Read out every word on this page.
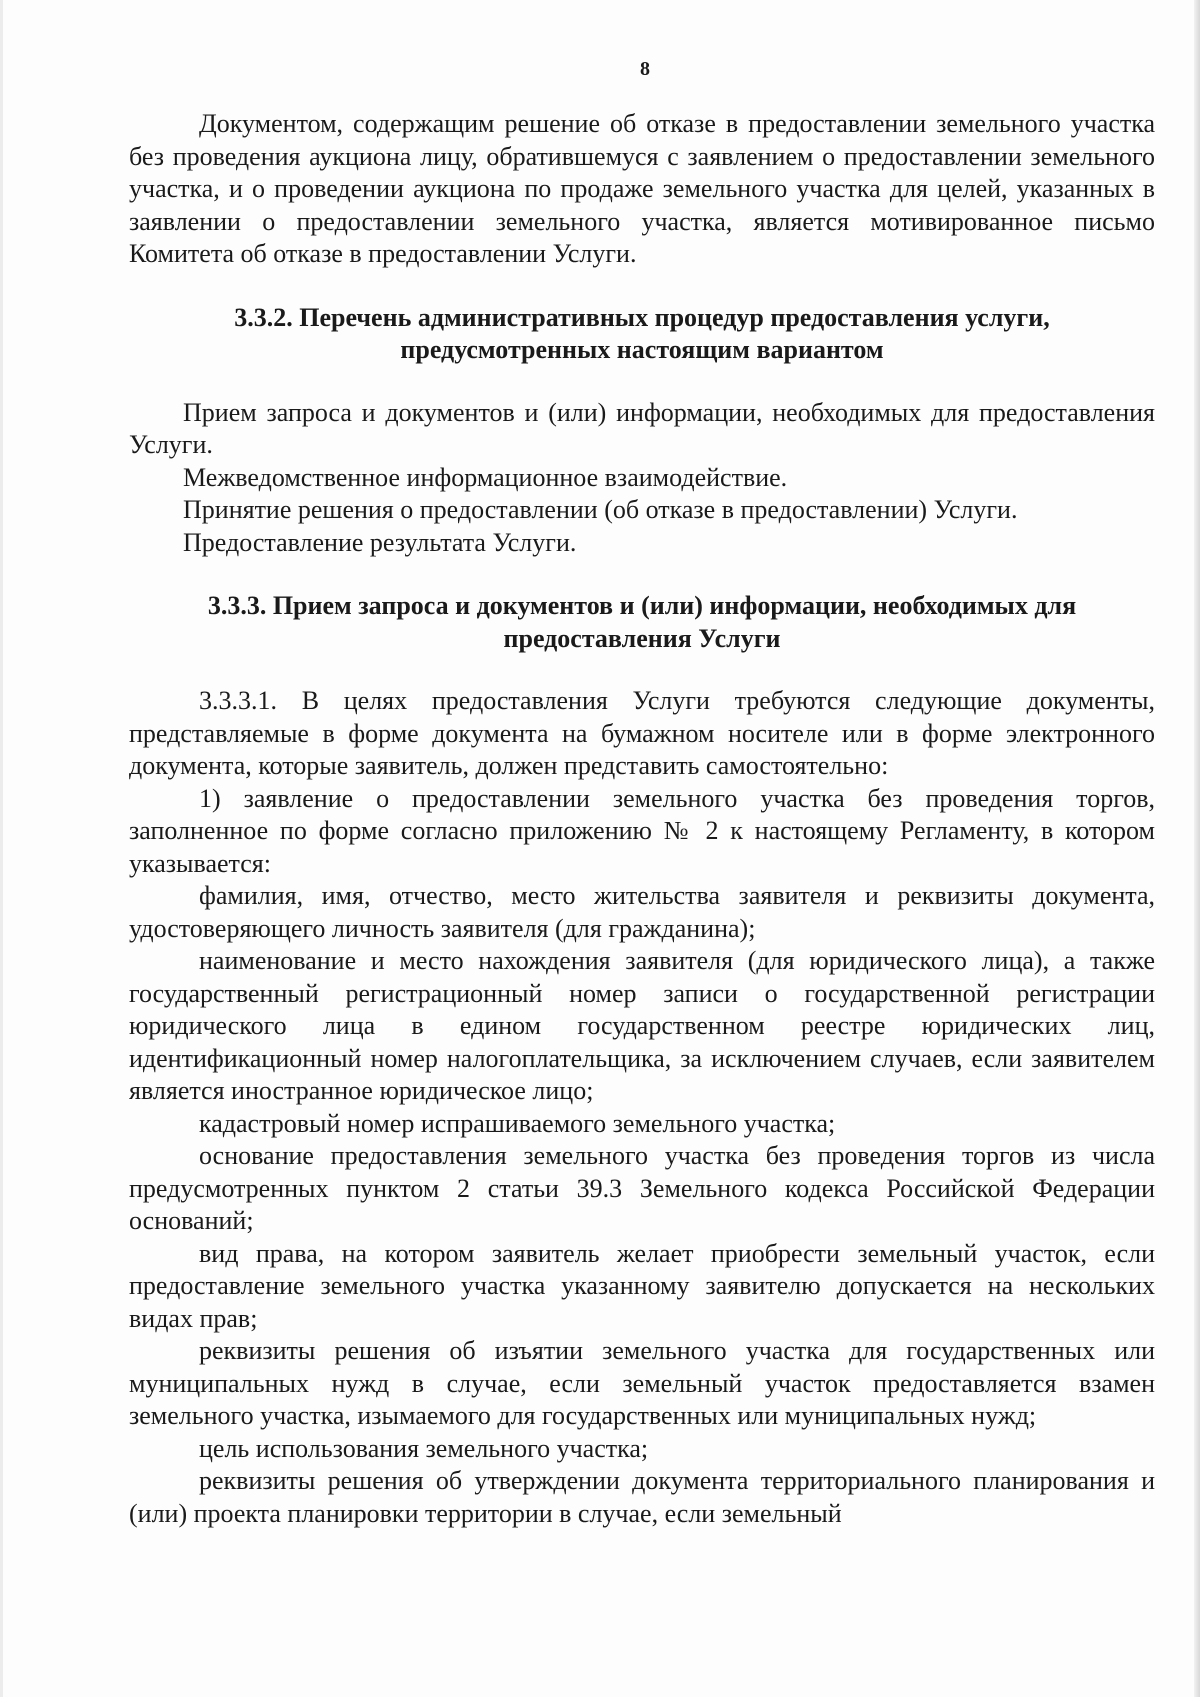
8

Документом, содержащим решение об отказе в предоставлении земельного участка без проведения аукциона лицу, обратившемуся с заявлением о предоставлении земельного участка, и о проведении аукциона по продаже земельного участка для целей, указанных в заявлении о предоставлении земельного участка, является мотивированное письмо Комитета об отказе в предоставлении Услуги.

3.3.2. Перечень административных процедур предоставления услуги, предусмотренных настоящим вариантом

Прием запроса и документов и (или) информации, необходимых для предоставления Услуги.

Межведомственное информационное взаимодействие.

Принятие решения о предоставлении (об отказе в предоставлении) Услуги.

Предоставление результата Услуги.

3.3.3. Прием запроса и документов и (или) информации, необходимых для предоставления Услуги

3.3.3.1. В целях предоставления Услуги требуются следующие документы, представляемые в форме документа на бумажном носителе или в форме электронного документа, которые заявитель, должен представить самостоятельно:

1) заявление о предоставлении земельного участка без проведения торгов, заполненное по форме согласно приложению № 2 к настоящему Регламенту, в котором указывается:

фамилия, имя, отчество, место жительства заявителя и реквизиты документа, удостоверяющего личность заявителя (для гражданина);

наименование и место нахождения заявителя (для юридического лица), а также государственный регистрационный номер записи о государственной регистрации юридического лица в едином государственном реестре юридических лиц, идентификационный номер налогоплательщика, за исключением случаев, если заявителем является иностранное юридическое лицо;

кадастровый номер испрашиваемого земельного участка;

основание предоставления земельного участка без проведения торгов из числа предусмотренных пунктом 2 статьи 39.3 Земельного кодекса Российской Федерации оснований;

вид права, на котором заявитель желает приобрести земельный участок, если предоставление земельного участка указанному заявителю допускается на нескольких видах прав;

реквизиты решения об изъятии земельного участка для государственных или муниципальных нужд в случае, если земельный участок предоставляется взамен земельного участка, изымаемого для государственных или муниципальных нужд;

цель использования земельного участка;

реквизиты решения об утверждении документа территориального планирования и (или) проекта планировки территории в случае, если земельный
